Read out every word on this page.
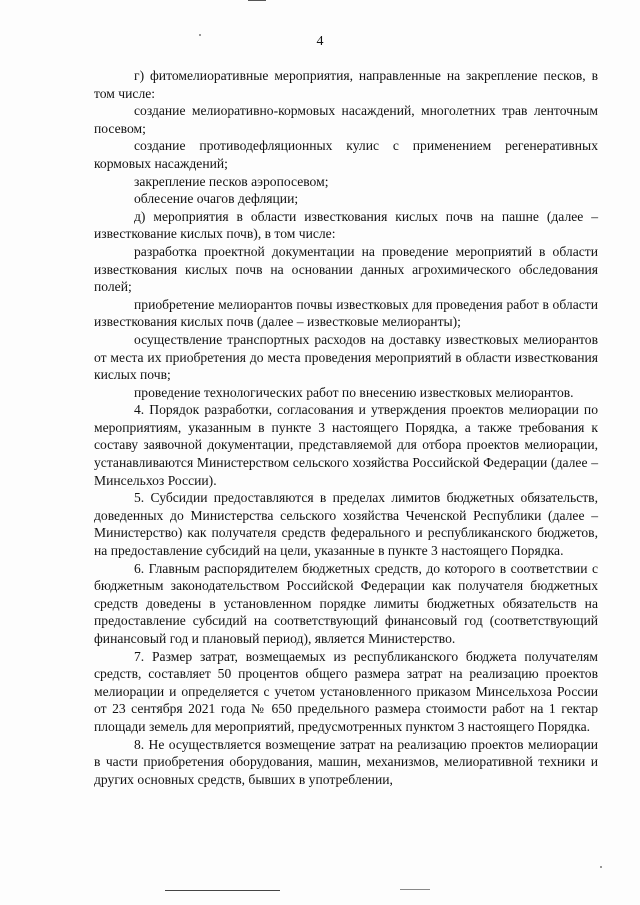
4

г) фитомелиоративные мероприятия, направленные на закрепление песков, в том числе:

создание мелиоративно-кормовых насаждений, многолетних трав ленточным посевом;

создание противодефляционных кулис с применением регенеративных кормовых насаждений;

закрепление песков аэропосевом;

облесение очагов дефляции;

д) мероприятия в области известкования кислых почв на пашне (далее – известкование кислых почв), в том числе:

разработка проектной документации на проведение мероприятий в области известкования кислых почв на основании данных агрохимического обследования полей;

приобретение мелиорантов почвы известковых для проведения работ в области известкования кислых почв (далее – известковые мелиоранты);

осуществление транспортных расходов на доставку известковых мелиорантов от места их приобретения до места проведения мероприятий в области известкования кислых почв;

проведение технологических работ по внесению известковых мелиорантов.

4. Порядок разработки, согласования и утверждения проектов мелиорации по мероприятиям, указанным в пункте 3 настоящего Порядка, а также требования к составу заявочной документации, представляемой для отбора проектов мелиорации, устанавливаются Министерством сельского хозяйства Российской Федерации (далее – Минсельхоз России).

5. Субсидии предоставляются в пределах лимитов бюджетных обязательств, доведенных до Министерства сельского хозяйства Чеченской Республики (далее – Министерство) как получателя средств федерального и республиканского бюджетов, на предоставление субсидий на цели, указанные в пункте 3 настоящего Порядка.

6. Главным распорядителем бюджетных средств, до которого в соответствии с бюджетным законодательством Российской Федерации как получателя бюджетных средств доведены в установленном порядке лимиты бюджетных обязательств на предоставление субсидий на соответствующий финансовый год (соответствующий финансовый год и плановый период), является Министерство.

7. Размер затрат, возмещаемых из республиканского бюджета получателям средств, составляет 50 процентов общего размера затрат на реализацию проектов мелиорации и определяется с учетом установленного приказом Минсельхоза России от 23 сентября 2021 года № 650 предельного размера стоимости работ на 1 гектар площади земель для мероприятий, предусмотренных пунктом 3 настоящего Порядка.

8. Не осуществляется возмещение затрат на реализацию проектов мелиорации в части приобретения оборудования, машин, механизмов, мелиоративной техники и других основных средств, бывших в употреблении,
